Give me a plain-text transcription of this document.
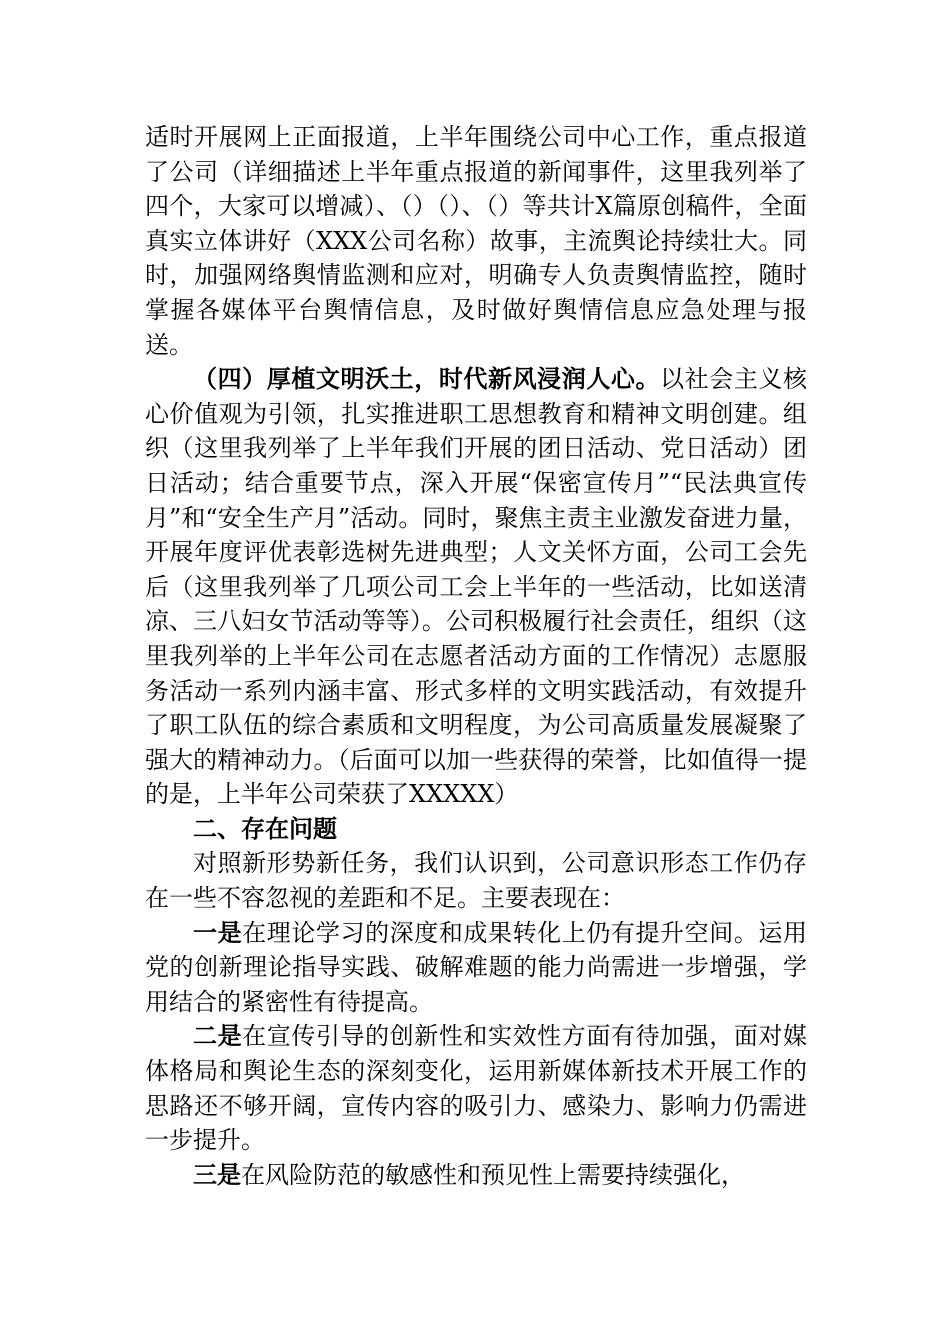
适时开展网上正面报道，上半年围绕公司中心工作，重点报道了公司（详细描述上半年重点报道的新闻事件，这里我列举了四个，大家可以增减）、（）（）、（）等共计X篇原创稿件，全面真实立体讲好（XXX公司名称）故事，主流舆论持续壮大。同时，加强网络舆情监测和应对，明确专人负责舆情监控，随时掌握各媒体平台舆情信息，及时做好舆情信息应急处理与报送。

（四）厚植文明沃土，时代新风浸润人心。以社会主义核心价值观为引领，扎实推进职工思想教育和精神文明创建。组织（这里我列举了上半年我们开展的团日活动、党日活动）团日活动；结合重要节点，深入开展“保密宣传月”“民法典宣传月”和“安全生产月”活动。同时，聚焦主责主业激发奋进力量，开展年度评优表彰选树先进典型；人文关怀方面，公司工会先后（这里我列举了几项公司工会上半年的一些活动，比如送清凉、三八妇女节活动等等）。公司积极履行社会责任，组织（这里我列举的上半年公司在志愿者活动方面的工作情况）志愿服务活动一系列内涵丰富、形式多样的文明实践活动，有效提升了职工队伍的综合素质和文明程度，为公司高质量发展凝聚了强大的精神动力。（后面可以加一些获得的荣誉，比如值得一提的是，上半年公司荣获了XXXXX）

二、存在问题

对照新形势新任务，我们认识到，公司意识形态工作仍存在一些不容忽视的差距和不足。主要表现在：

一是在理论学习的深度和成果转化上仍有提升空间。运用党的创新理论指导实践、破解难题的能力尚需进一步增强，学用结合的紧密性有待提高。

二是在宣传引导的创新性和实效性方面有待加强，面对媒体格局和舆论生态的深刻变化，运用新媒体新技术开展工作的思路还不够开阔，宣传内容的吸引力、感染力、影响力仍需进一步提升。

三是在风险防范的敏感性和预见性上需要持续强化，
